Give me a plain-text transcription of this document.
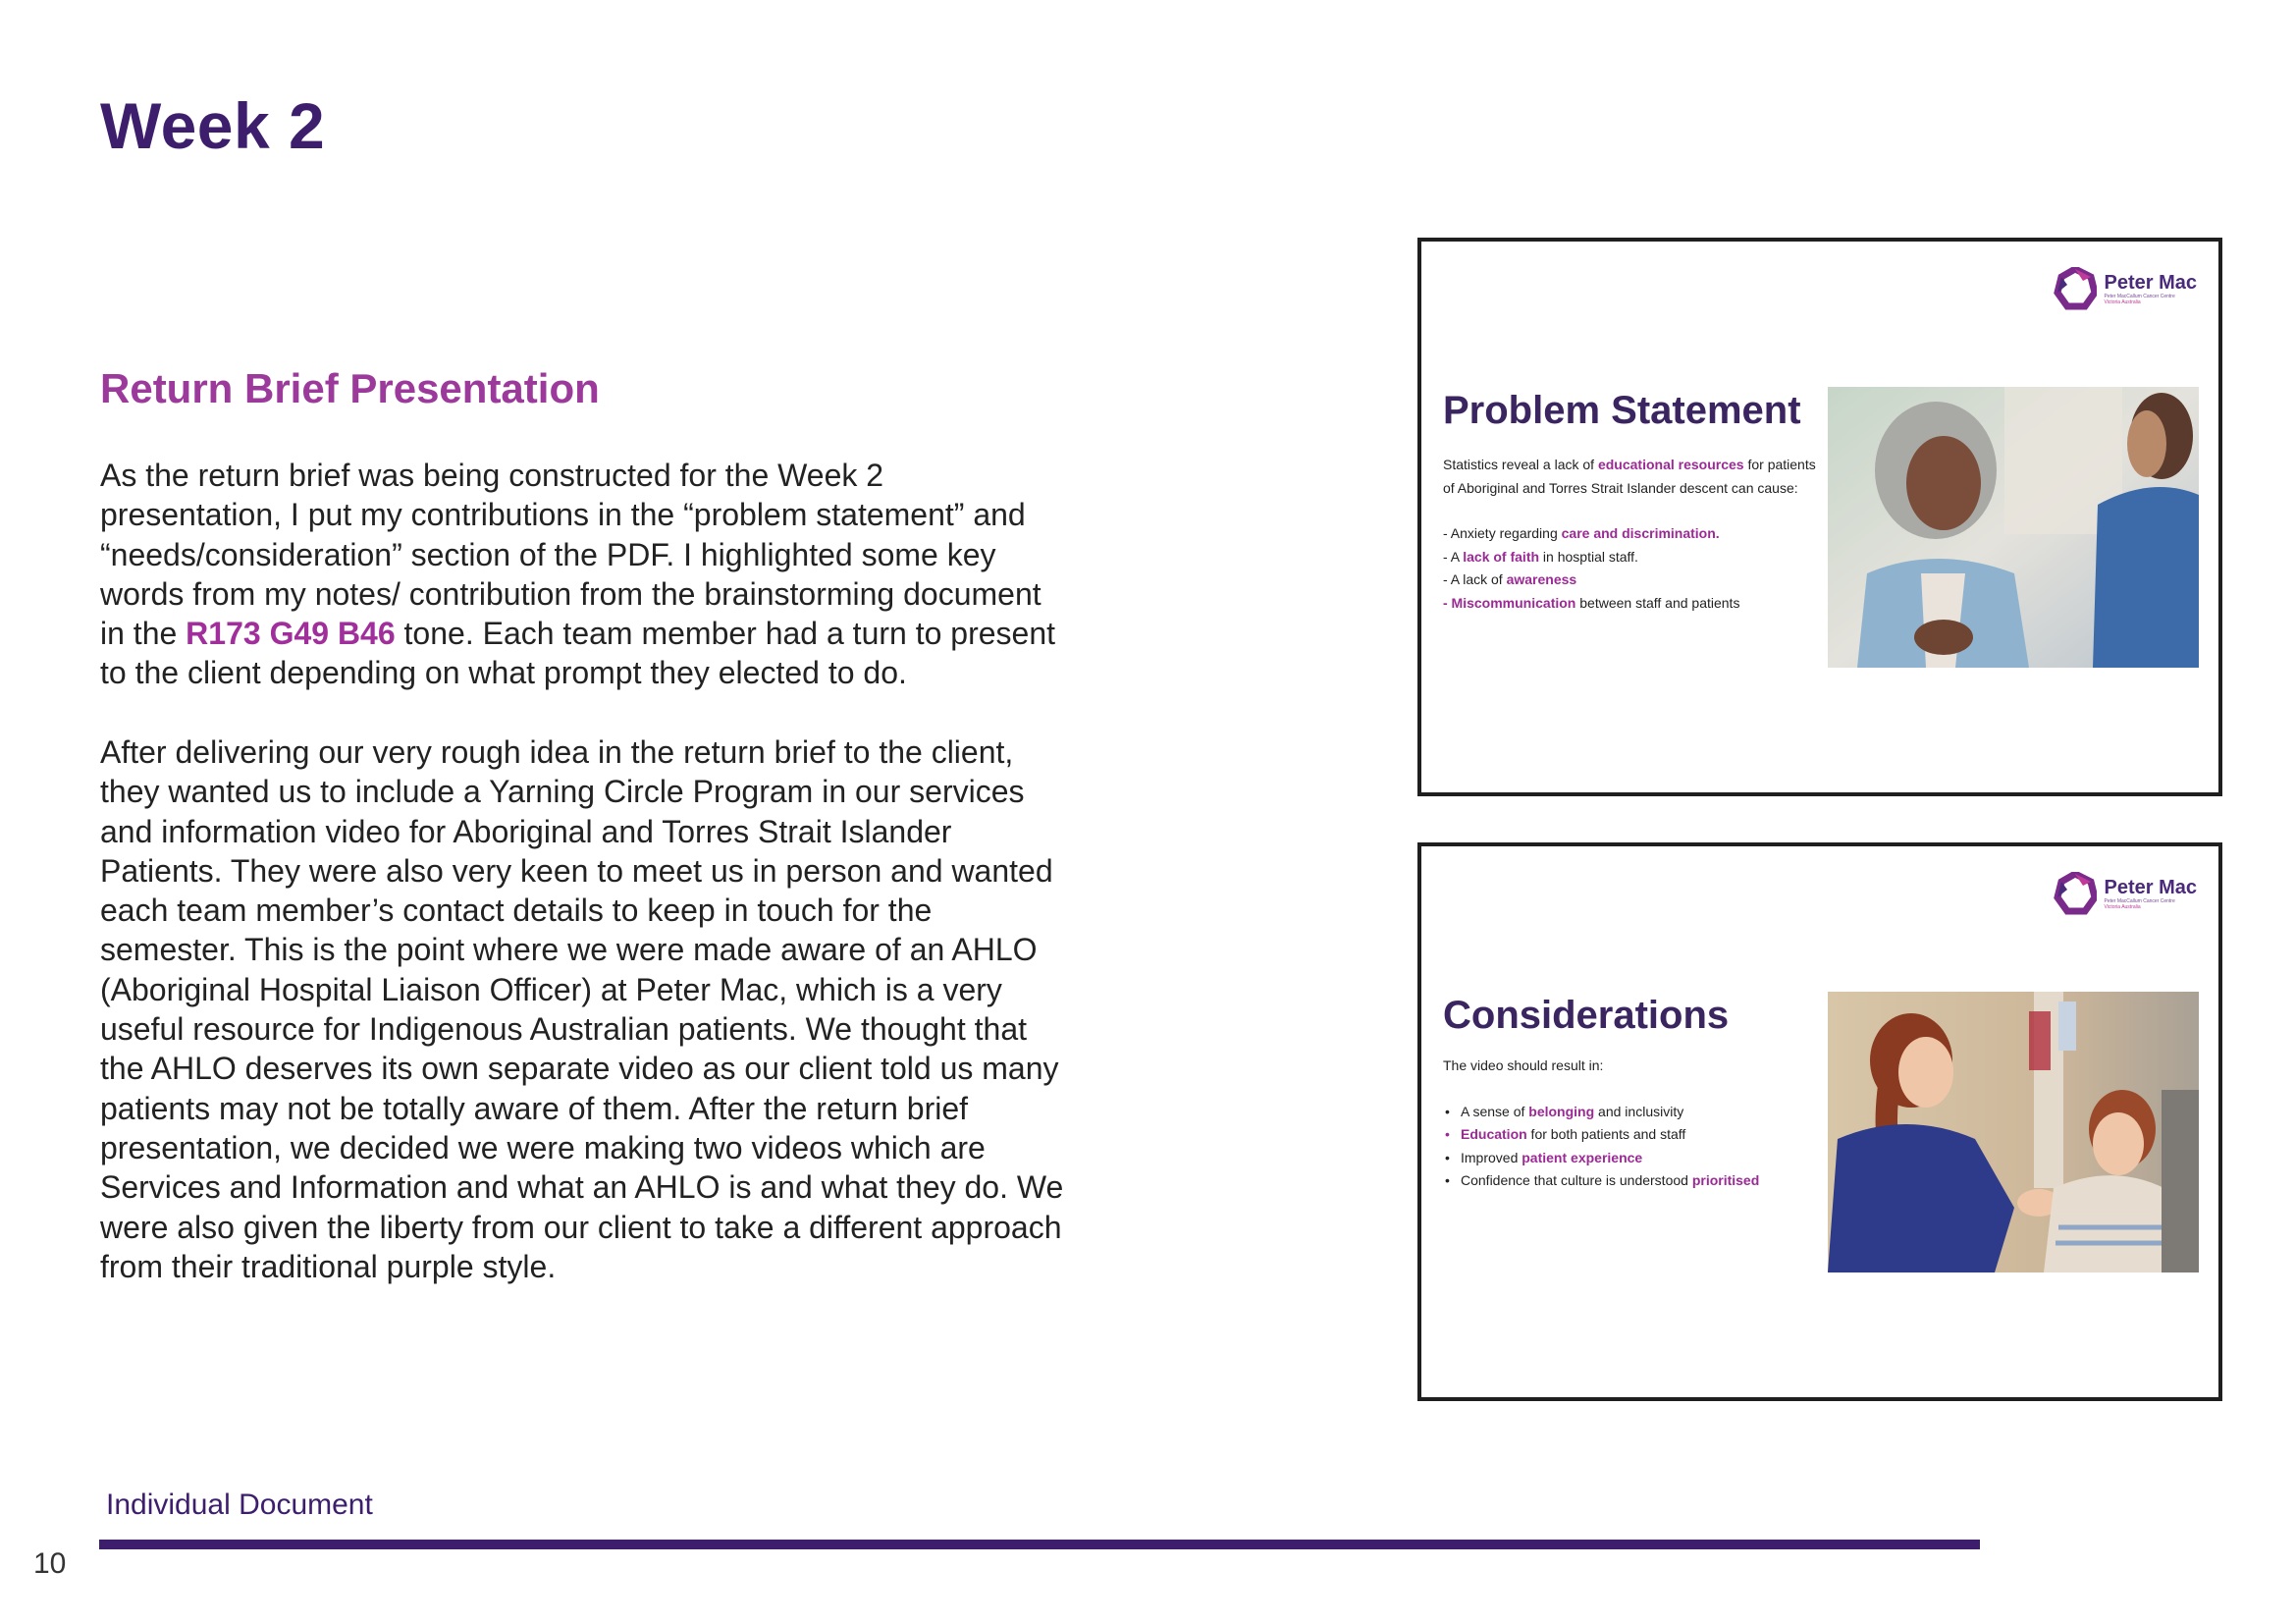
Week 2
Return Brief Presentation
As the return brief was being constructed for the Week 2 presentation, I put my contributions in the “problem statement” and “needs/consideration” section of the PDF. I highlighted some key words from my notes/ contribution from the brainstorming document in the R173 G49 B46 tone. Each team member had a turn to present to the client depending on what prompt they elected to do.
After delivering our very rough idea in the return brief to the client, they wanted us to include a Yarning Circle Program in our services and information video for Aboriginal and Torres Strait Islander Patients. They were also very keen to meet us in person and wanted each team member’s contact details to keep in touch for the semester. This is the point where we were made aware of an AHLO (Aboriginal Hospital Liaison Officer) at Peter Mac, which is a very useful resource for Indigenous Australian patients. We thought that the AHLO deserves its own separate video as our client told us many patients may not be totally aware of them. After the return brief presentation, we decided we were making two videos which are Services and Information and what an AHLO is and what they do. We were also given the liberty from our client to take a different approach from their traditional purple style.
Peter Mac
Peter MacCallum Cancer Centre
Victoria Australia
Problem Statement
Statistics reveal a lack of educational resources for patients of Aboriginal and Torres Strait Islander descent can cause:
- Anxiety regarding care and discrimination.
- A lack of faith in hosptial staff.
- A lack of awareness
- Miscommunication between staff and patients
Peter Mac
Peter MacCallum Cancer Centre
Victoria Australia
Considerations
The video should result in:
• A sense of belonging and inclusivity
• Education for both patients and staff
• Improved patient experience
• Confidence that culture is understood prioritised
Individual Document
10
